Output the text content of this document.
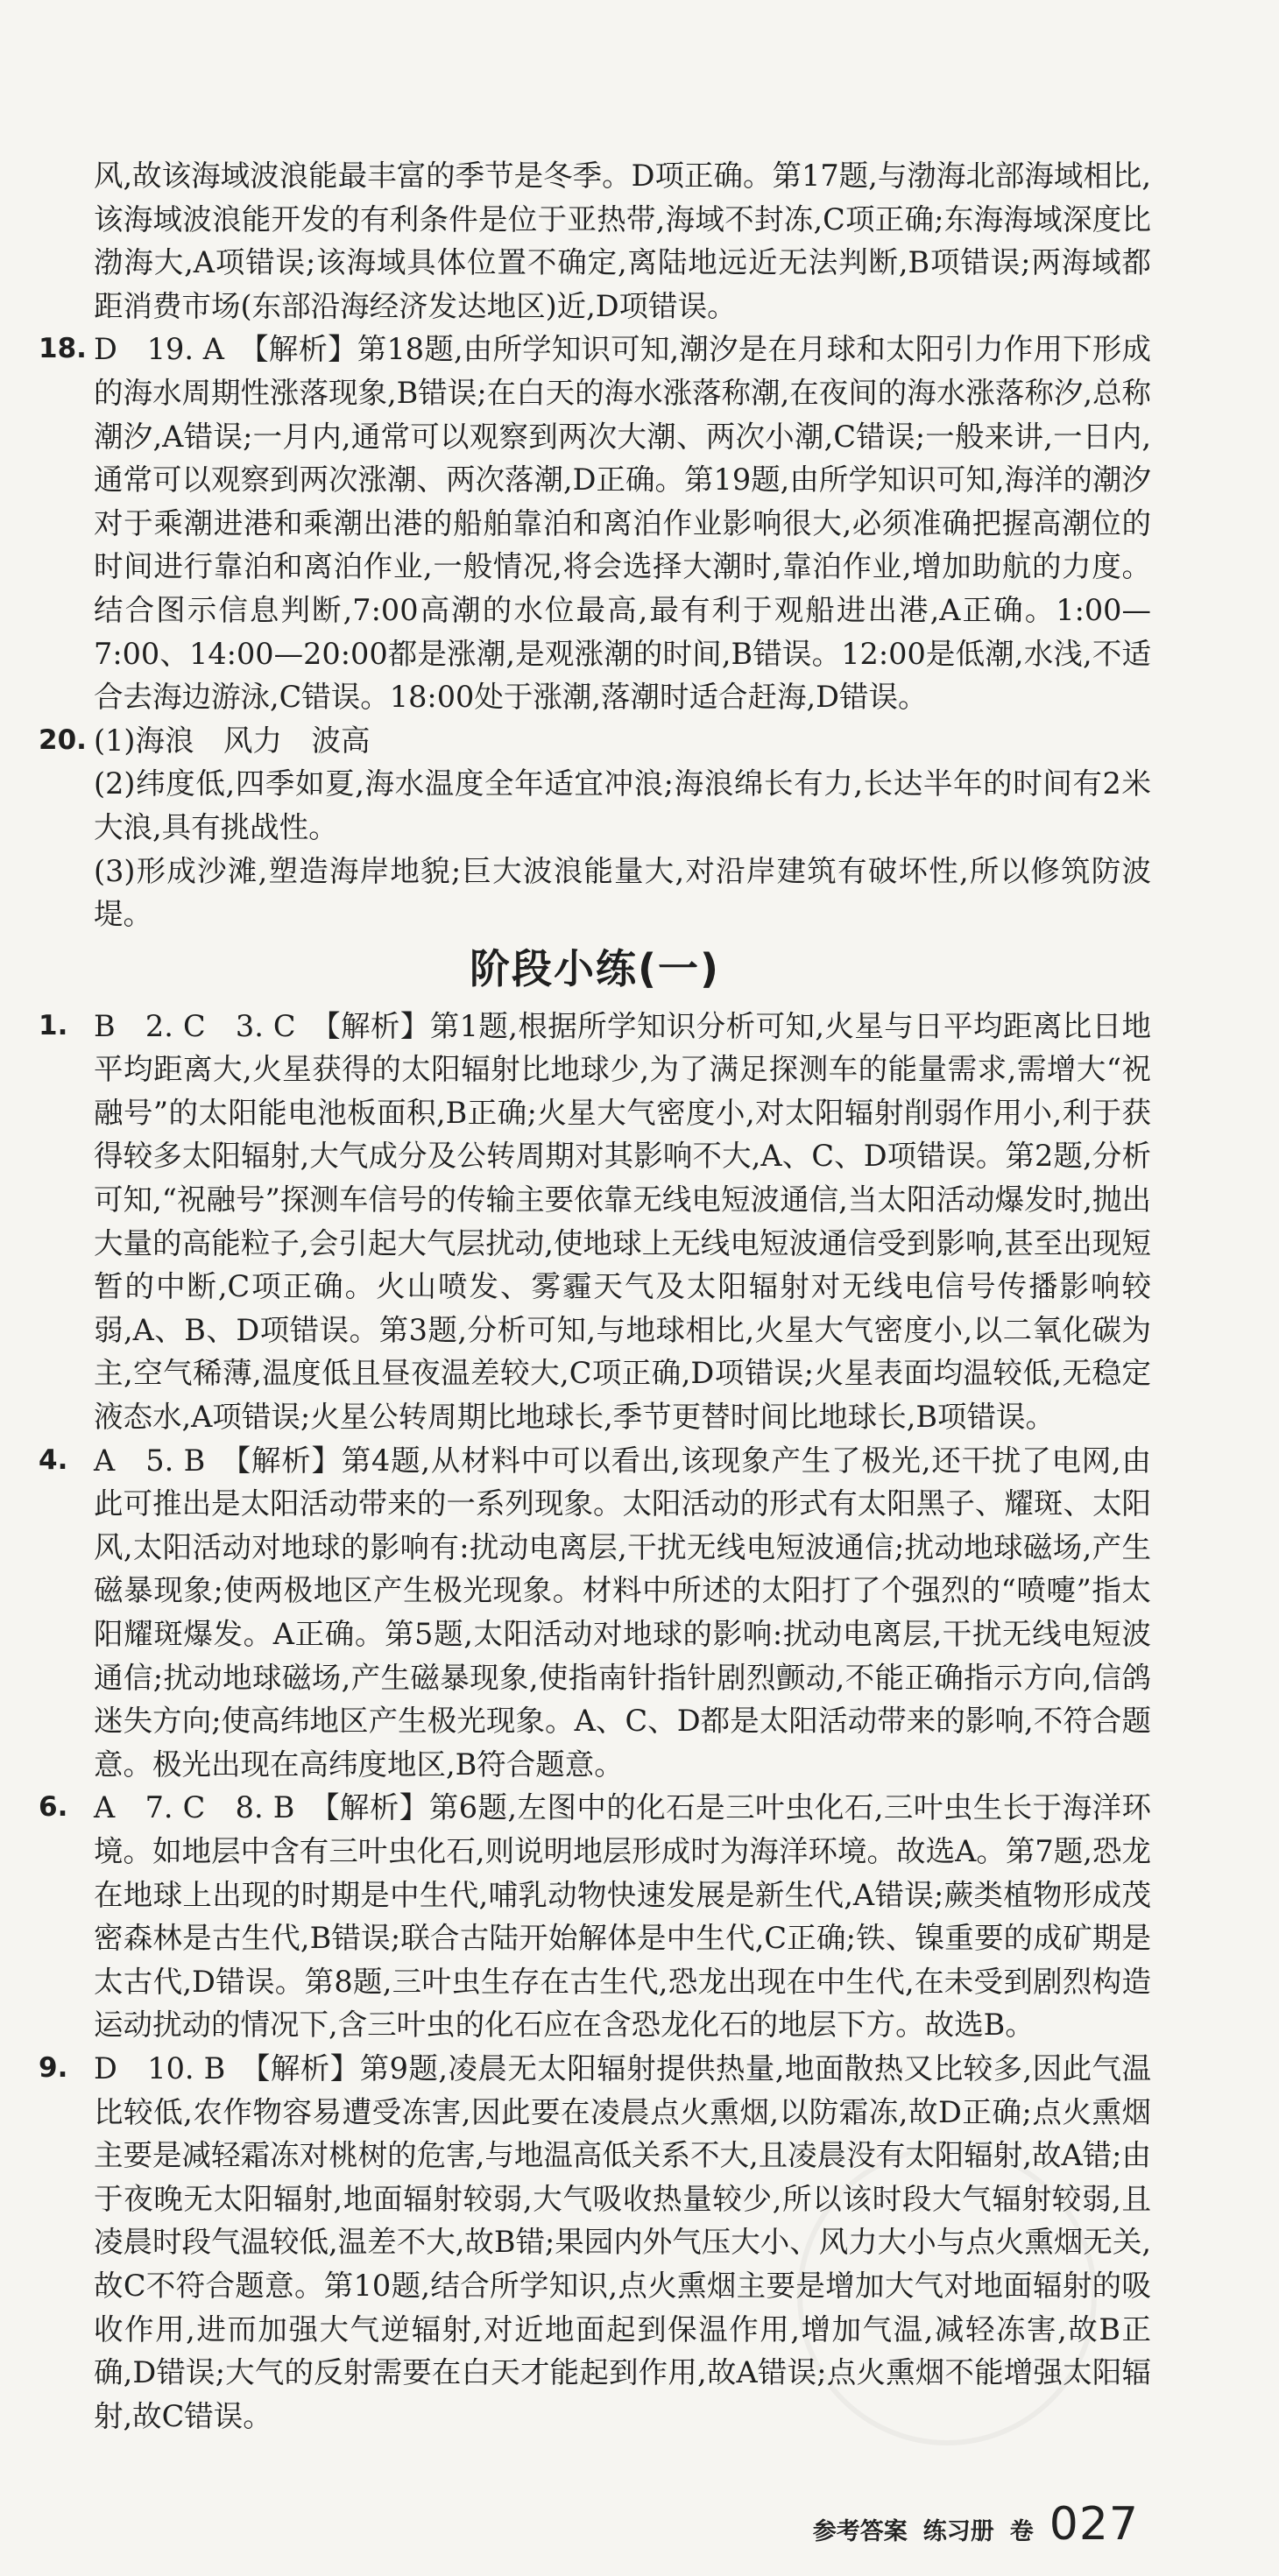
风,故该海域波浪能最丰富的季节是冬季。D项正确。第17题,与渤海北部海域相比,该海域波浪能开发的有利条件是位于亚热带,海域不封冻,C项正确;东海海域深度比渤海大,A项错误;该海域具体位置不确定,离陆地远近无法判断,B项错误;两海域都距消费市场(东部沿海经济发达地区)近,D项错误。
18. D　19. A　【解析】第18题,由所学知识可知,潮汐是在月球和太阳引力作用下形成的海水周期性涨落现象,B错误;在白天的海水涨落称潮,在夜间的海水涨落称汐,总称潮汐,A错误;一月内,通常可以观察到两次大潮、两次小潮,C错误;一般来讲,一日内,通常可以观察到两次涨潮、两次落潮,D正确。第19题,由所学知识可知,海洋的潮汐对于乘潮进港和乘潮出港的船舶靠泊和离泊作业影响很大,必须准确把握高潮位的时间进行靠泊和离泊作业,一般情况,将会选择大潮时,靠泊作业,增加助航的力度。结合图示信息判断,7:00高潮的水位最高,最有利于观船进出港,A正确。1:00—7:00、14:00—20:00都是涨潮,是观涨潮的时间,B错误。12:00是低潮,水浅,不适合去海边游泳,C错误。18:00处于涨潮,落潮时适合赶海,D错误。
20. (1)海浪　风力　波高
(2)纬度低,四季如夏,海水温度全年适宜冲浪;海浪绵长有力,长达半年的时间有2米大浪,具有挑战性。
(3)形成沙滩,塑造海岸地貌;巨大波浪能量大,对沿岸建筑有破坏性,所以修筑防波堤。
阶段小练(一)
1. B　2. C　3. C　【解析】第1题,根据所学知识分析可知,火星与日平均距离比日地平均距离大,火星获得的太阳辐射比地球少,为了满足探测车的能量需求,需增大“祝融号”的太阳能电池板面积,B正确;火星大气密度小,对太阳辐射削弱作用小,利于获得较多太阳辐射,大气成分及公转周期对其影响不大,A、C、D项错误。第2题,分析可知,“祝融号”探测车信号的传输主要依靠无线电短波通信,当太阳活动爆发时,抛出大量的高能粒子,会引起大气层扰动,使地球上无线电短波通信受到影响,甚至出现短暂的中断,C项正确。火山喷发、雾霾天气及太阳辐射对无线电信号传播影响较弱,A、B、D项错误。第3题,分析可知,与地球相比,火星大气密度小,以二氧化碳为主,空气稀薄,温度低且昼夜温差较大,C项正确,D项错误;火星表面均温较低,无稳定液态水,A项错误;火星公转周期比地球长,季节更替时间比地球长,B项错误。
4. A　5. B　【解析】第4题,从材料中可以看出,该现象产生了极光,还干扰了电网,由此可推出是太阳活动带来的一系列现象。太阳活动的形式有太阳黑子、耀斑、太阳风,太阳活动对地球的影响有:扰动电离层,干扰无线电短波通信;扰动地球磁场,产生磁暴现象;使两极地区产生极光现象。材料中所述的太阳打了个强烈的“喷嚏”指太阳耀斑爆发。A正确。第5题,太阳活动对地球的影响:扰动电离层,干扰无线电短波通信;扰动地球磁场,产生磁暴现象,使指南针指针剧烈颤动,不能正确指示方向,信鸽迷失方向;使高纬地区产生极光现象。A、C、D都是太阳活动带来的影响,不符合题意。极光出现在高纬度地区,B符合题意。
6. A　7. C　8. B　【解析】第6题,左图中的化石是三叶虫化石,三叶虫生长于海洋环境。如地层中含有三叶虫化石,则说明地层形成时为海洋环境。故选A。第7题,恐龙在地球上出现的时期是中生代,哺乳动物快速发展是新生代,A错误;蕨类植物形成茂密森林是古生代,B错误;联合古陆开始解体是中生代,C正确;铁、镍重要的成矿期是太古代,D错误。第8题,三叶虫生存在古生代,恐龙出现在中生代,在未受到剧烈构造运动扰动的情况下,含三叶虫的化石应在含恐龙化石的地层下方。故选B。
9. D　10. B　【解析】第9题,凌晨无太阳辐射提供热量,地面散热又比较多,因此气温比较低,农作物容易遭受冻害,因此要在凌晨点火熏烟,以防霜冻,故D正确;点火熏烟主要是减轻霜冻对桃树的危害,与地温高低关系不大,且凌晨没有太阳辐射,故A错;由于夜晚无太阳辐射,地面辐射较弱,大气吸收热量较少,所以该时段大气辐射较弱,且凌晨时段气温较低,温差不大,故B错;果园内外气压大小、风力大小与点火熏烟无关,故C不符合题意。第10题,结合所学知识,点火熏烟主要是增加大气对地面辐射的吸收作用,进而加强大气逆辐射,对近地面起到保温作用,增加气温,减轻冻害,故B正确,D错误;大气的反射需要在白天才能起到作用,故A错误;点火熏烟不能增强太阳辐射,故C错误。
参考答案 练习册 卷 027
